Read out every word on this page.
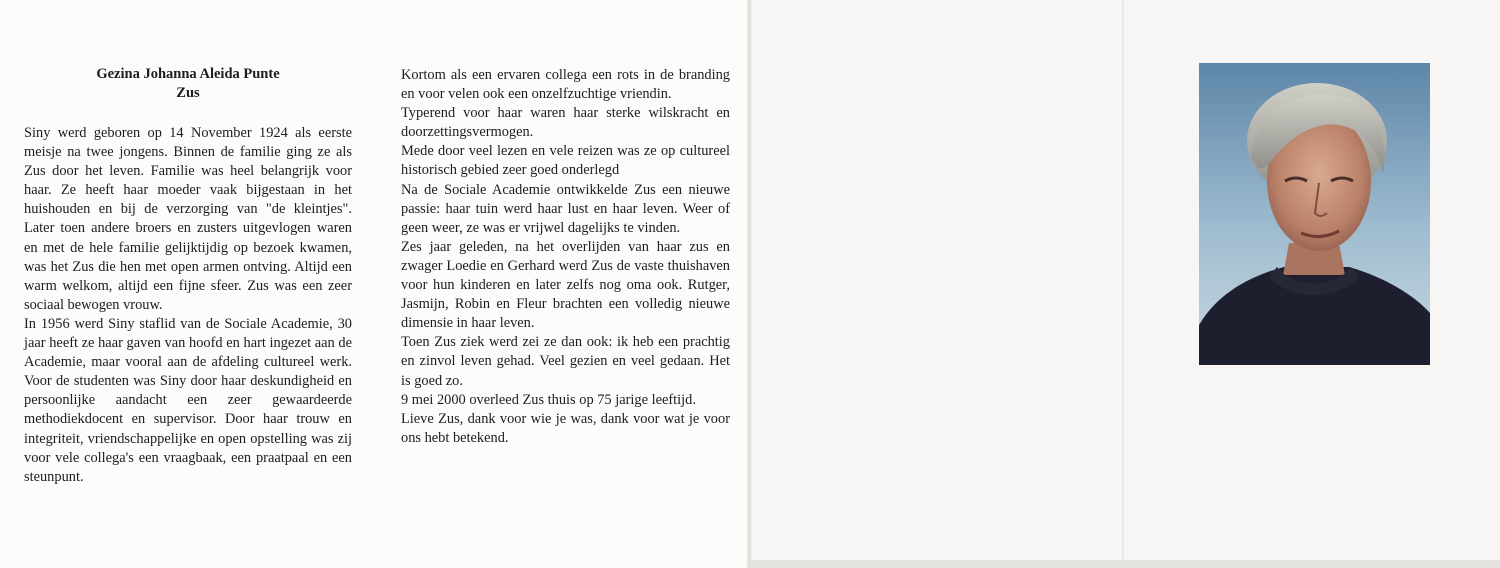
Gezina Johanna Aleida Punte
Zus

Siny werd geboren op 14 November 1924 als eerste meisje na twee jongens. Binnen de familie ging ze als Zus door het leven. Familie was heel belangrijk voor haar. Ze heeft haar moeder vaak bijgestaan in het huishouden en bij de verzorging van "de kleintjes". Later toen andere broers en zusters uitgevlogen waren en met de hele familie gelijktijdig op bezoek kwamen, was het Zus die hen met open armen ontving. Altijd een warm welkom, altijd een fijne sfeer. Zus was een zeer sociaal bewogen vrouw.

In 1956 werd Siny staflid van de Sociale Academie, 30 jaar heeft ze haar gaven van hoofd en hart ingezet aan de Academie, maar vooral aan de afdeling cultureel werk. Voor de studenten was Siny door haar deskundigheid en persoonlijke aandacht een zeer gewaardeerde methodiekdocent en supervisor. Door haar trouw en integriteit, vriendschappelijke en open opstelling was zij voor vele collega's een vraagbaak, een praatpaal en een steunpunt.

Kortom als een ervaren collega een rots in de branding en voor velen ook een onzelfzuchtige vriendin.

Typerend voor haar waren haar sterke wilskracht en doorzettingsvermogen.

Mede door veel lezen en vele reizen was ze op cultureel historisch gebied zeer goed onderlegd

Na de Sociale Academie ontwikkelde Zus een nieuwe passie: haar tuin werd haar lust en haar leven. Weer of geen weer, ze was er vrijwel dagelijks te vinden.

Zes jaar geleden, na het overlijden van haar zus en zwager Loedie en Gerhard werd Zus de vaste thuishaven voor hun kinderen en later zelfs nog oma ook. Rutger, Jasmijn, Robin en Fleur brachten een volledig nieuwe dimensie in haar leven.

Toen Zus ziek werd zei ze dan ook: ik heb een prachtig en zinvol leven gehad. Veel gezien en veel gedaan. Het is goed zo.

9 mei 2000 overleed Zus thuis op 75 jarige leeftijd.

Lieve Zus, dank voor wie je was, dank voor wat je voor ons hebt betekend.
